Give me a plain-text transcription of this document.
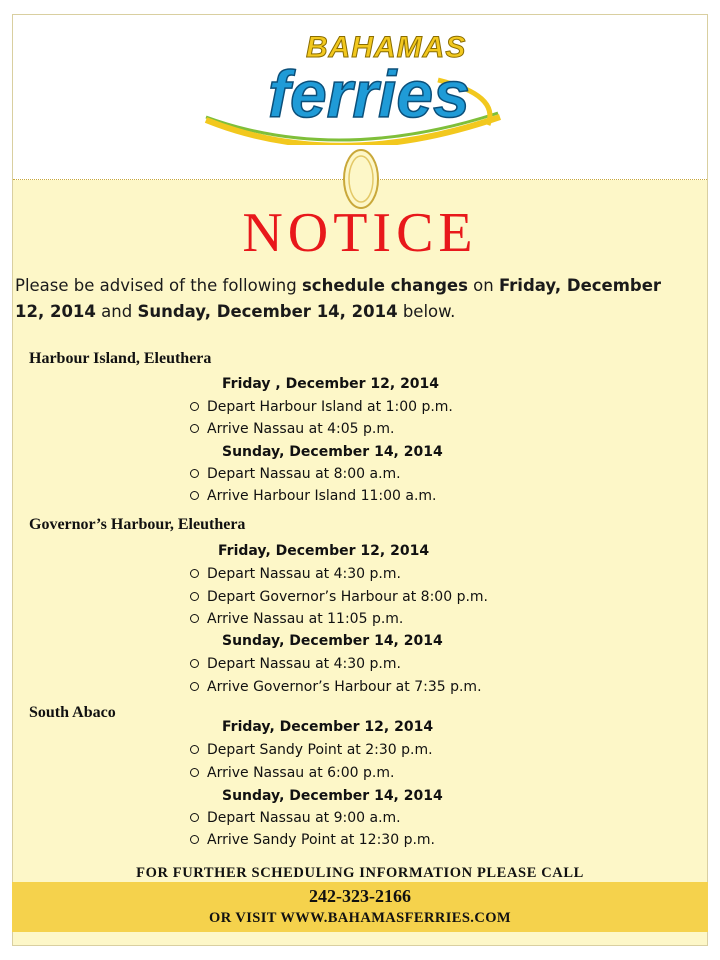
BAHAMAS
ferries
NOTICE
Please be advised of the following schedule changes on Friday, December 12, 2014 and Sunday, December 14, 2014 below.
Harbour Island, Eleuthera
Friday , December 12, 2014
Depart Harbour Island at 1:00 p.m.
Arrive Nassau at 4:05 p.m.
Sunday, December 14, 2014
Depart Nassau at 8:00 a.m.
Arrive Harbour Island 11:00 a.m.
Governor’s Harbour, Eleuthera
Friday, December 12, 2014
Depart Nassau at 4:30 p.m.
Depart Governor’s Harbour at 8:00 p.m.
Arrive Nassau at 11:05 p.m.
Sunday, December 14, 2014
Depart Nassau at 4:30 p.m.
Arrive Governor’s Harbour at 7:35 p.m.
South Abaco
Friday, December 12, 2014
Depart Sandy Point at 2:30 p.m.
Arrive Nassau at 6:00 p.m.
Sunday, December 14, 2014
Depart Nassau at 9:00 a.m.
Arrive Sandy Point at 12:30 p.m.
FOR FURTHER SCHEDULING INFORMATION PLEASE CALL
242-323-2166
OR VISIT WWW.BAHAMASFERRIES.COM
